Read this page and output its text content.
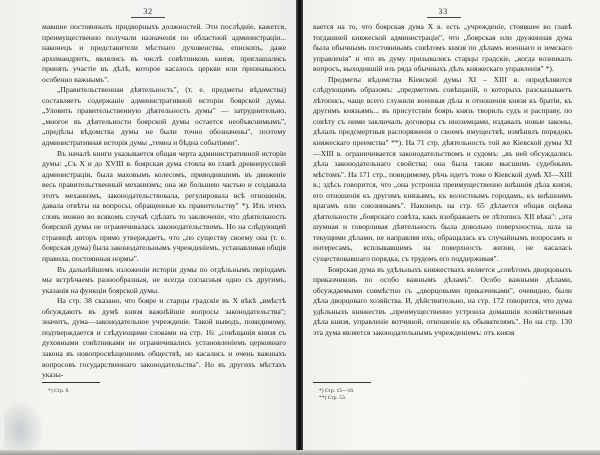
32

мавшие постоянныхъ придворныхъ должностей. Эти послѣдніе, кажется, преимущественно получали назначенія по областной администраціи... наконецъ и представители мѣстнаго духовенства, епископъ, даже архимандритъ, являлись въ числѣ совѣтниковъ князя, приглашались принять участіе въ дѣлѣ, которое касалось церкви или признавалось особенно важнымъ".

„Правительственная дѣятельность", (т. е. предметы вѣдомства) составляетъ содержаніе административной исторіи боярской думы. „Уловить правительственную дѣятельность думы" — затруднительно, „многое въ дѣятельности боярской думы остается необъяснимымъ", „предѣлы вѣдомства думы не были точно обозначены", поэтому административная исторія думы „темна и бѣдна событіями".

Въ началѣ книги указывается общая черта административной исторіи думы: „Съ X и до XVIII в. боярская дума стояла во главѣ древнерусской администраціи, была маховымъ колесомъ, приводившимъ въ движеніе весь правительственный механизмъ; она же большею частью и создавала этотъ механизмъ, законодательствовала, регулировала всѣ отношенія, давала отвѣты на вопросы, обращенные къ правительству" *). Изъ этихъ словъ можно во всякомъ случаѣ сдѣлать то заключеніе, что дѣятельность боярской думы не ограничивалась законодательствомъ. Но на слѣдующей страницѣ авторъ прямо утверждаетъ, что „по существу своему она (т. е. боярская дума) была законодательнымъ учрежденіемъ, устанавливая общія правила, постоянныя нормы".

Въ дальнѣйшемъ изложеніи исторіи думы по отдѣльнымъ періодамъ мы встрѣчаемъ разнообразныя, не всегда согласныя одно съ другимъ, указанія на функціи боярской думы.

На стр. 38 сказано, что бояре и старцы градскіе въ X вѣкѣ „вмѣстѣ обсуждаютъ въ думѣ князя важнѣйшіе вопросы законодательства"; значитъ, дума—законодательное учрежденіе. Такой выводъ, повидимому, подтверждается и слѣдующими словами на стр. 16: „совѣщанія князя съ духовными совѣтниками не ограничивались установленіемъ церковнаго закона въ новопросвѣщенномъ обществѣ, но касались и очень важныхъ вопросовъ государственнаго законодательства". Но въ другихъ мѣстахъ указы-

*) Стр. 8.
33

вается на то, что боярская дума X в. есть „учрежденіе, стоявшее во главѣ тогдашней княжеской администраціи", что „боярская или дружинная дума была обычнымъ постояннымъ совѣтомъ князя по дѣламъ военнаго и земскаго управленія" и что въ думу призывались старцы градскіе, „когда возникалъ вопросъ, выходившій изъ ряда обычныхъ дѣлъ княжескаго управленія" *).

Предметы вѣдомства Кіевской думы XI – XIII в. опредѣляются слѣдующимъ образомъ: „предметомъ совѣщаній, о которыхъ разсказываетъ лѣтопись, чаще всего служили военныя дѣла и отношенія князя къ братіи, къ другимъ князьямъ... въ присутствіи бояръ князь творилъ судъ и расправу, по совѣту съ ними заключалъ договоры съ иноземцами, издавалъ новые законы, дѣлалъ предсмертныя распоряженія о своемъ имуществѣ, измѣнялъ порядокъ княжескаго преемства" **). На 71 стр. дѣятельность той же Кіевской думы XI—XIII в. ограничивается законодательствомъ и судомъ: „въ ней обсуждались дѣла законодательнаго свойства; она была также высшимъ судебнымъ мѣстомъ". На 171 стр., повидимому, рѣчь идетъ тоже о Кіевской думѣ XI—XIII в.; здѣсь говорится, что „она устроила преимущественно внѣшнія дѣла князя, его отношенія къ другимъ князьямъ, къ волостнымъ городамъ, къ внѣшнимъ врагамъ или союзникамъ". Наконецъ на стр. 65 дѣлается общая оцѣнка дѣятельности „боярскаго совѣта, какъ изображаетъ ее лѣтопись XII вѣка": „эта шумная и говорливая дѣятельность была довольно поверхностна, шла за текущими дѣлами, не направляя ихъ, обращалась къ случайнымъ вопросамъ и интересамъ, всплывавшимъ на поверхность жизни, не касалась существовавшаго порядка, съ трудомъ его поддерживая".

Боярская дума въ удѣльныхъ княжествахъ является „совѣтомъ дворцовыхъ приказчиковъ по особо важнымъ дѣламъ". Особо важными дѣлами, обсуждаемыми совмѣстно съ „дворцовыми приказчиками", очевидно, были дѣла дворцоваго хозяйства. И, дѣйствительно, на стр. 172 говорится, что дума удѣльныхъ княжествъ „преимущественно устроила домашнія хозяйственныя дѣла князя, управленіе вотчиной, отношеніе къ обывателямъ". Но на стр. 130 эта дума является законодательнымъ учрежденіемъ: отъ князя

*) Стр. 15—16.
**) Стр. 53.
